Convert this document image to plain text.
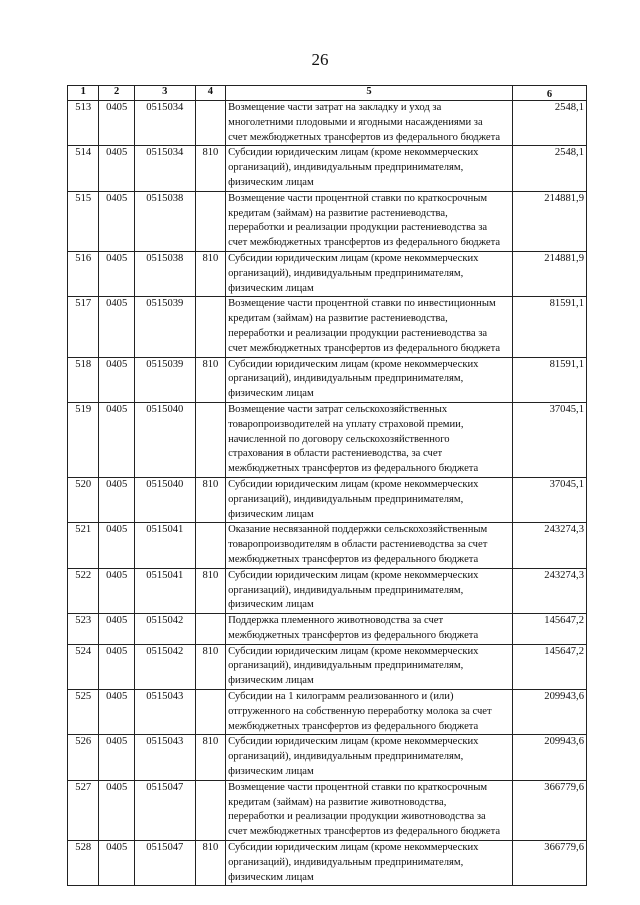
26
1	2	3	4	5	6
513	0405	0515034		Возмещение части затрат на закладку и уход за
многолетними плодовыми и ягодными насаждениями за
счет межбюджетных трансфертов из федерального бюджета	2548,1
514	0405	0515034	810	Субсидии юридическим лицам (кроме некоммерческих
организаций), индивидуальным предпринимателям,
физическим лицам	2548,1
515	0405	0515038		Возмещение части процентной ставки по краткосрочным
кредитам (займам) на развитие растениеводства,
переработки и реализации продукции растениеводства за
счет межбюджетных трансфертов из федерального бюджета	214881,9
516	0405	0515038	810	Субсидии юридическим лицам (кроме некоммерческих
организаций), индивидуальным предпринимателям,
физическим лицам	214881,9
517	0405	0515039		Возмещение части процентной ставки по инвестиционным
кредитам (займам) на развитие растениеводства,
переработки и реализации продукции растениеводства за
счет межбюджетных трансфертов из федерального бюджета	81591,1
518	0405	0515039	810	Субсидии юридическим лицам (кроме некоммерческих
организаций), индивидуальным предпринимателям,
физическим лицам	81591,1
519	0405	0515040		Возмещение части затрат сельскохозяйственных
товаропроизводителей на уплату страховой премии,
начисленной по договору сельскохозяйственного
страхования в области растениеводства, за счет
межбюджетных трансфертов из федерального бюджета	37045,1
520	0405	0515040	810	Субсидии юридическим лицам (кроме некоммерческих
организаций), индивидуальным предпринимателям,
физическим лицам	37045,1
521	0405	0515041		Оказание несвязанной поддержки сельскохозяйственным
товаропроизводителям в области растениеводства за счет
межбюджетных трансфертов из федерального бюджета	243274,3
522	0405	0515041	810	Субсидии юридическим лицам (кроме некоммерческих
организаций), индивидуальным предпринимателям,
физическим лицам	243274,3
523	0405	0515042		Поддержка племенного животноводства за счет
межбюджетных трансфертов из федерального бюджета	145647,2
524	0405	0515042	810	Субсидии юридическим лицам (кроме некоммерческих
организаций), индивидуальным предпринимателям,
физическим лицам	145647,2
525	0405	0515043		Субсидии на 1 килограмм реализованного и (или)
отгруженного на собственную переработку молока за счет
межбюджетных трансфертов из федерального бюджета	209943,6
526	0405	0515043	810	Субсидии юридическим лицам (кроме некоммерческих
организаций), индивидуальным предпринимателям,
физическим лицам	209943,6
527	0405	0515047		Возмещение части процентной ставки по краткосрочным
кредитам (займам) на развитие животноводства,
переработки и реализации продукции животноводства за
счет межбюджетных трансфертов из федерального бюджета	366779,6
528	0405	0515047	810	Субсидии юридическим лицам (кроме некоммерческих
организаций), индивидуальным предпринимателям,
физическим лицам	366779,6
